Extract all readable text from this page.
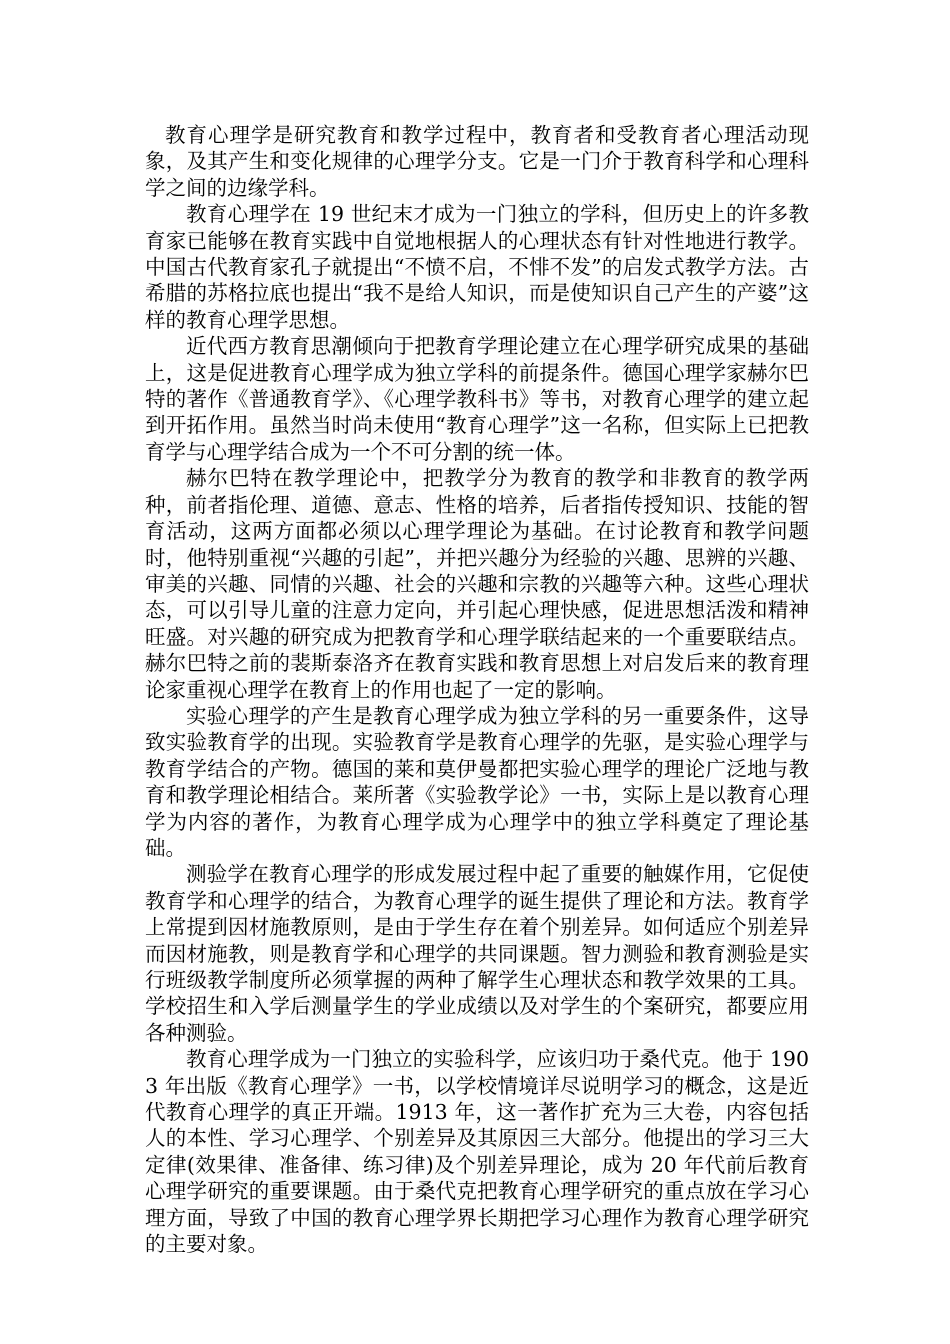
教育心理学是研究教育和教学过程中，教育者和受教育者心理活动现象，及其产生和变化规律的心理学分支。它是一门介于教育科学和心理科学之间的边缘学科。

教育心理学在 19 世纪末才成为一门独立的学科，但历史上的许多教育家已能够在教育实践中自觉地根据人的心理状态有针对性地进行教学。中国古代教育家孔子就提出“不愤不启，不悱不发”的启发式教学方法。古希腊的苏格拉底也提出“我不是给人知识，而是使知识自己产生的产婆”这样的教育心理学思想。

近代西方教育思潮倾向于把教育学理论建立在心理学研究成果的基础上，这是促进教育心理学成为独立学科的前提条件。德国心理学家赫尔巴特的著作《普通教育学》、《心理学教科书》等书，对教育心理学的建立起到开拓作用。虽然当时尚未使用“教育心理学”这一名称，但实际上已把教育学与心理学结合成为一个不可分割的统一体。

赫尔巴特在教学理论中，把教学分为教育的教学和非教育的教学两种，前者指伦理、道德、意志、性格的培养，后者指传授知识、技能的智育活动，这两方面都必须以心理学理论为基础。在讨论教育和教学问题时，他特别重视“兴趣的引起”，并把兴趣分为经验的兴趣、思辨的兴趣、审美的兴趣、同情的兴趣、社会的兴趣和宗教的兴趣等六种。这些心理状态，可以引导儿童的注意力定向，并引起心理快感，促进思想活泼和精神旺盛。对兴趣的研究成为把教育学和心理学联结起来的一个重要联结点。赫尔巴特之前的裴斯泰洛齐在教育实践和教育思想上对启发后来的教育理论家重视心理学在教育上的作用也起了一定的影响。

实验心理学的产生是教育心理学成为独立学科的另一重要条件，这导致实验教育学的出现。实验教育学是教育心理学的先驱，是实验心理学与教育学结合的产物。德国的莱和莫伊曼都把实验心理学的理论广泛地与教育和教学理论相结合。莱所著《实验教学论》一书，实际上是以教育心理学为内容的著作，为教育心理学成为心理学中的独立学科奠定了理论基础。

测验学在教育心理学的形成发展过程中起了重要的触媒作用，它促使教育学和心理学的结合，为教育心理学的诞生提供了理论和方法。教育学上常提到因材施教原则，是由于学生存在着个别差异。如何适应个别差异而因材施教，则是教育学和心理学的共同课题。智力测验和教育测验是实行班级教学制度所必须掌握的两种了解学生心理状态和教学效果的工具。学校招生和入学后测量学生的学业成绩以及对学生的个案研究，都要应用各种测验。

教育心理学成为一门独立的实验科学，应该归功于桑代克。他于 1903 年出版《教育心理学》一书，以学校情境详尽说明学习的概念，这是近代教育心理学的真正开端。1913 年，这一著作扩充为三大卷，内容包括人的本性、学习心理学、个别差异及其原因三大部分。他提出的学习三大定律(效果律、准备律、练习律)及个别差异理论，成为 20 年代前后教育心理学研究的重要课题。由于桑代克把教育心理学研究的重点放在学习心理方面，导致了中国的教育心理学界长期把学习心理作为教育心理学研究的主要对象。
